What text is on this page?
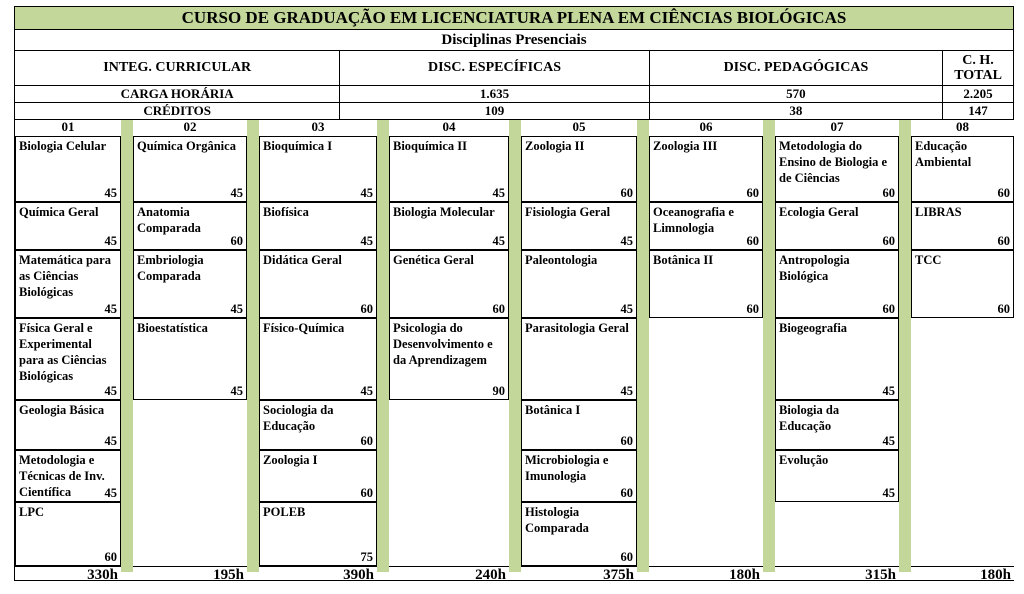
CURSO DE GRADUAÇÃO EM LICENCIATURA PLENA EM CIÊNCIAS BIOLÓGICAS
Disciplinas Presenciais
INTEG. CURRICULAR	DISC. ESPECÍFICAS	DISC. PEDAGÓGICAS	C. H.
TOTAL
CARGA HORÁRIA	1.635	570	2.205
CRÉDITOS	109	38	147
01
Biologia Celular
45
Química Geral
45
Matemática para as Ciências Biológicas
45
Física Geral e Experimental para as Ciências Biológicas
45
Geologia Básica
45
Metodologia e Técnicas de Inv. Científica	45
LPC
60
330h
02
Química Orgânica
45
Anatomia Comparada
60
Embriologia Comparada
45
Bioestatística
45
195h
03
Bioquímica I
45
Biofísica
45
Didática Geral
60
Físico-Química
45
Sociologia da Educação
60
Zoologia I
60
POLEB
75
390h
04
Bioquímica II
45
Biologia Molecular
45
Genética Geral
60
Psicologia do Desenvolvimento e da Aprendizagem
90
240h
05
Zoologia II
60
Fisiologia Geral
45
Paleontologia
45
Parasitologia Geral
45
Botânica I
60
Microbiologia e Imunologia
60
Histologia Comparada
60
375h
06
Zoologia III
60
Oceanografia e Limnologia
60
Botânica II
60
180h
07
Metodologia do Ensino de Biologia e de Ciências
60
Ecologia Geral
60
Antropologia Biológica
60
Biogeografia
45
Biologia da Educação
45
Evolução
45
315h
08
Educação Ambiental
60
LIBRAS
60
TCC
60
180h
